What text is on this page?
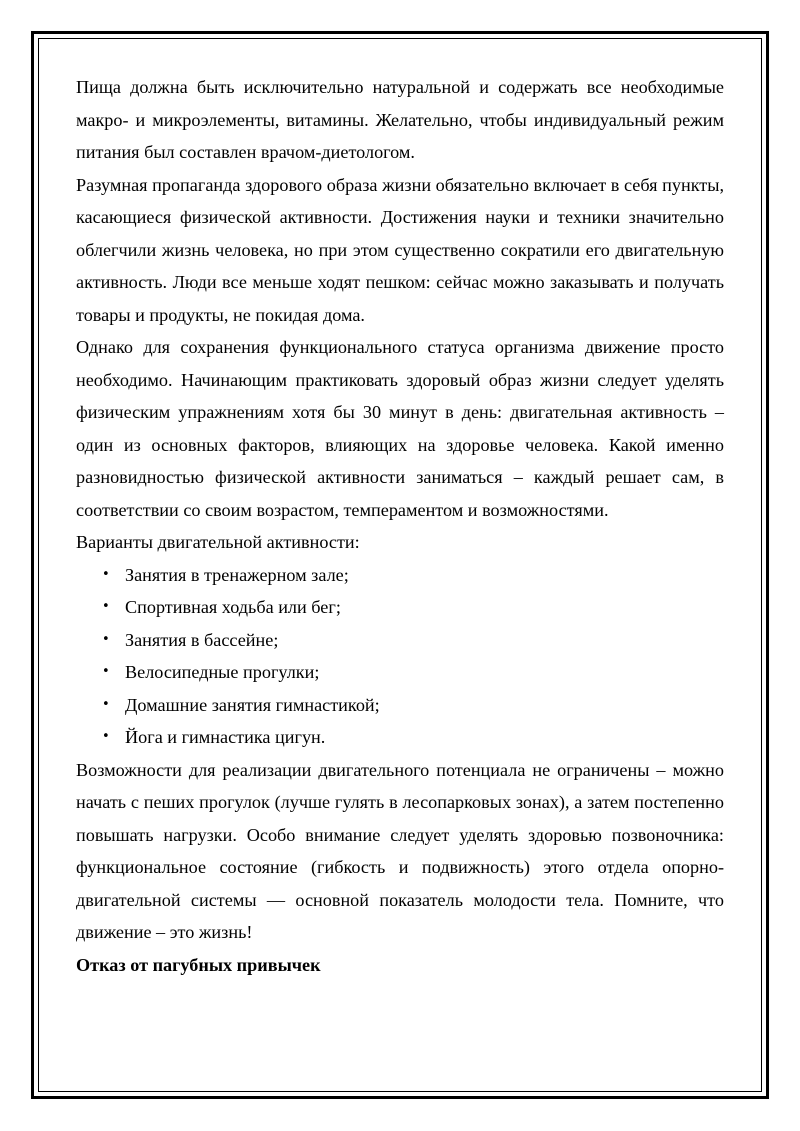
Пища должна быть исключительно натуральной и содержать все необходимые макро- и микроэлементы, витамины. Желательно, чтобы индивидуальный режим питания был составлен врачом-диетологом.

Разумная пропаганда здорового образа жизни обязательно включает в себя пункты, касающиеся физической активности. Достижения науки и техники значительно облегчили жизнь человека, но при этом существенно сократили его двигательную активность. Люди все меньше ходят пешком: сейчас можно заказывать и получать товары и продукты, не покидая дома.

Однако для сохранения функционального статуса организма движение просто необходимо. Начинающим практиковать здоровый образ жизни следует уделять физическим упражнениям хотя бы 30 минут в день: двигательная активность – один из основных факторов, влияющих на здоровье человека. Какой именно разновидностью физической активности заниматься – каждый решает сам, в соответствии со своим возрастом, темпераментом и возможностями.

Варианты двигательной активности:

• Занятия в тренажерном зале;
• Спортивная ходьба или бег;
• Занятия в бассейне;
• Велосипедные прогулки;
• Домашние занятия гимнастикой;
• Йога и гимнастика цигун.

Возможности для реализации двигательного потенциала не ограничены – можно начать с пеших прогулок (лучше гулять в лесопарковых зонах), а затем постепенно повышать нагрузки. Особо внимание следует уделять здоровью позвоночника: функциональное состояние (гибкость и подвижность) этого отдела опорно-двигательной системы — основной показатель молодости тела. Помните, что движение – это жизнь!

Отказ от пагубных привычек
